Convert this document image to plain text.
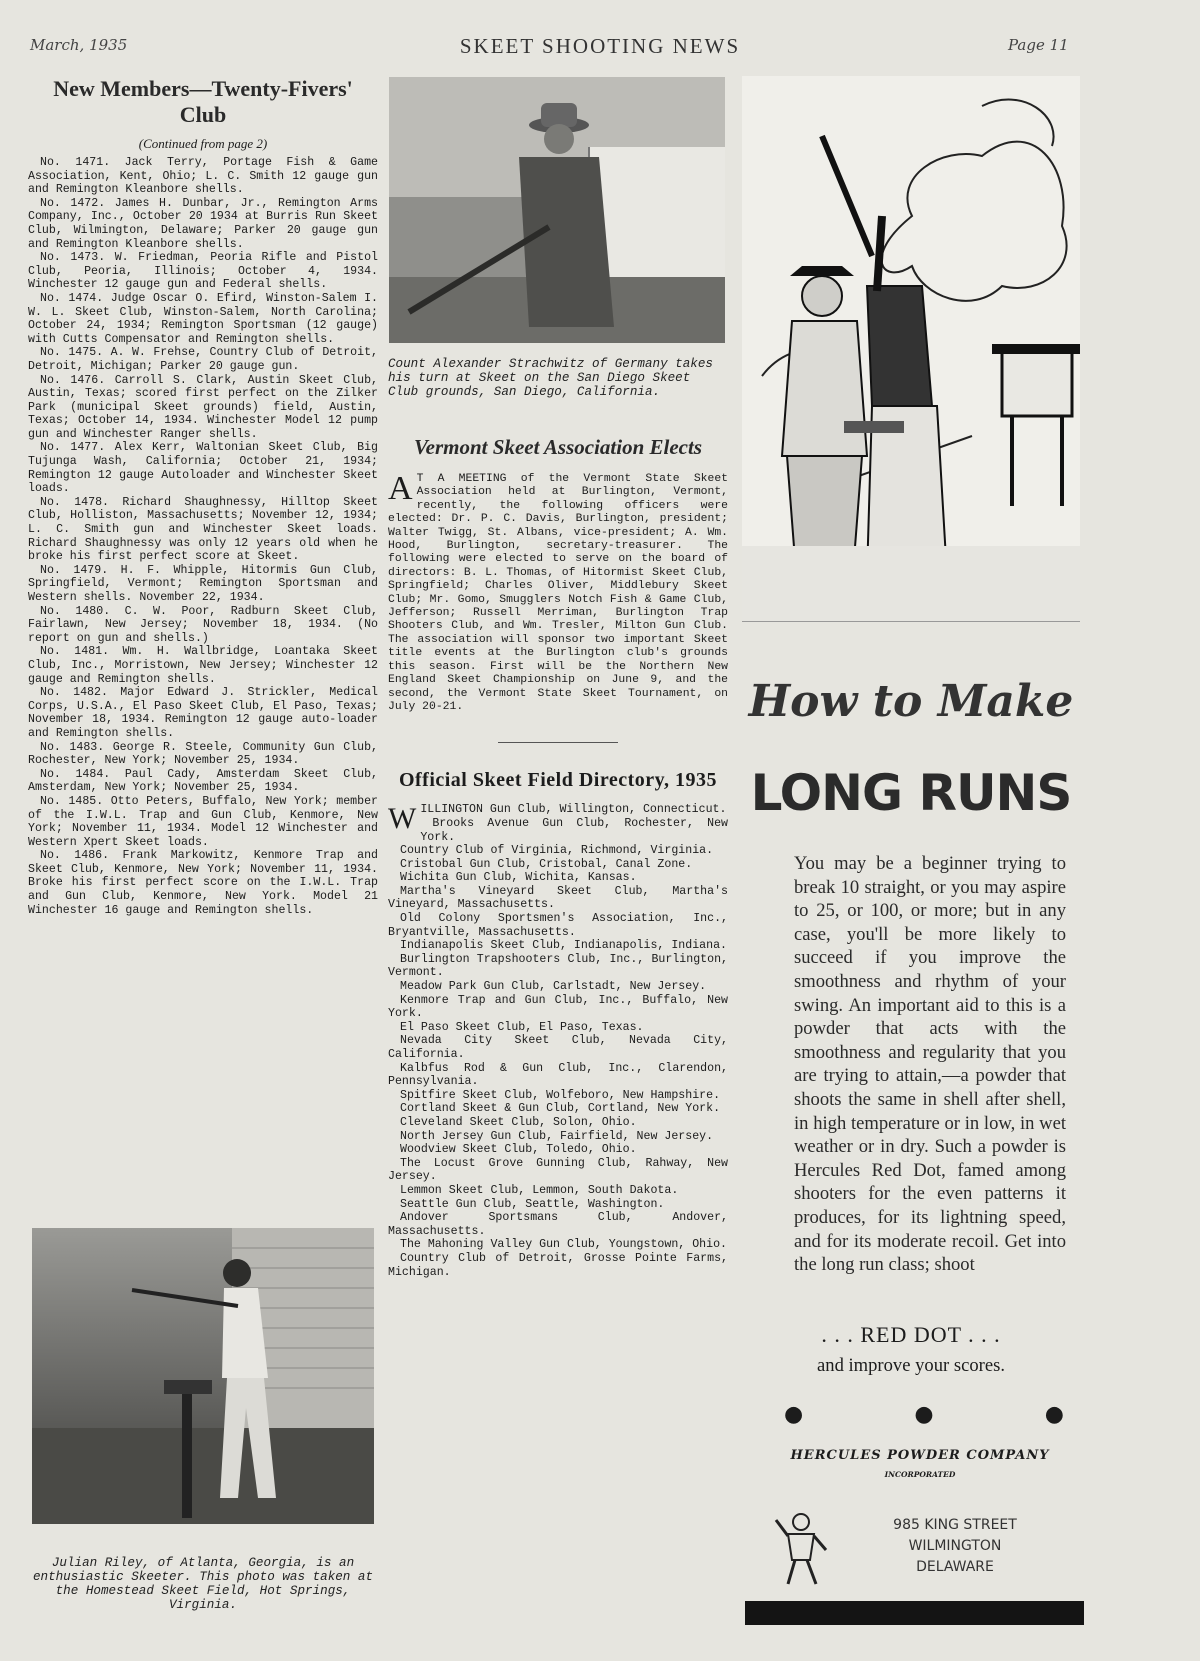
March, 1935	SKEET SHOOTING NEWS	Page 11
New Members—Twenty-Fivers' Club
(Continued from page 2)

No. 1471. Jack Terry, Portage Fish & Game Association, Kent, Ohio; L. C. Smith 12 gauge gun and Remington Kleanbore shells.

No. 1472. James H. Dunbar, Jr., Remington Arms Company, Inc., October 20 1934 at Burris Run Skeet Club, Wilmington, Delaware; Parker 20 gauge gun and Remington Kleanbore shells.

No. 1473. W. Friedman, Peoria Rifle and Pistol Club, Peoria, Illinois; October 4, 1934. Winchester 12 gauge gun and Federal shells.

No. 1474. Judge Oscar O. Efird, Winston-Salem I. W. L. Skeet Club, Winston-Salem, North Carolina; October 24, 1934; Remington Sportsman (12 gauge) with Cutts Compensator and Remington shells.

No. 1475. A. W. Frehse, Country Club of Detroit, Detroit, Michigan; Parker 20 gauge gun.

No. 1476. Carroll S. Clark, Austin Skeet Club, Austin, Texas; scored first perfect on the Zilker Park (municipal Skeet grounds) field, Austin, Texas; October 14, 1934. Winchester Model 12 pump gun and Winchester Ranger shells.

No. 1477. Alex Kerr, Waltonian Skeet Club, Big Tujunga Wash, California; October 21, 1934; Remington 12 gauge Autoloader and Winchester Skeet loads.

No. 1478. Richard Shaughnessy, Hilltop Skeet Club, Holliston, Massachusetts; November 12, 1934; L. C. Smith gun and Winchester Skeet loads. Richard Shaughnessy was only 12 years old when he broke his first perfect score at Skeet.

No. 1479. H. F. Whipple, Hitormis Gun Club, Springfield, Vermont; Remington Sportsman and Western shells. November 22, 1934.

No. 1480. C. W. Poor, Radburn Skeet Club, Fairlawn, New Jersey; November 18, 1934. (No report on gun and shells.)

No. 1481. Wm. H. Wallbridge, Loantaka Skeet Club, Inc., Morristown, New Jersey; Winchester 12 gauge and Remington shells.

No. 1482. Major Edward J. Strickler, Medical Corps, U.S.A., El Paso Skeet Club, El Paso, Texas; November 18, 1934. Remington 12 gauge auto-loader and Remington shells.

No. 1483. George R. Steele, Community Gun Club, Rochester, New York; November 25, 1934.

No. 1484. Paul Cady, Amsterdam Skeet Club, Amsterdam, New York; November 25, 1934.

No. 1485. Otto Peters, Buffalo, New York; member of the I.W.L. Trap and Gun Club, Kenmore, New York; November 11, 1934. Model 12 Winchester and Western Xpert Skeet loads.

No. 1486. Frank Markowitz, Kenmore Trap and Skeet Club, Kenmore, New York; November 11, 1934. Broke his first perfect score on the I.W.L. Trap and Gun Club, Kenmore, New York. Model 21 Winchester 16 gauge and Remington shells.

Julian Riley, of Atlanta, Georgia, is an enthusiastic Skeeter. This photo was taken at the Homestead Skeet Field, Hot Springs, Virginia.
Count Alexander Strachwitz of Germany takes his turn at Skeet on the San Diego Skeet Club grounds, San Diego, California.
Vermont Skeet Association Elects
A T A MEETING of the Vermont State Skeet Association held at Burlington, Vermont, recently, the following officers were elected: Dr. P. C. Davis, Burlington, president; Walter Twigg, St. Albans, vice-president; A. Wm. Hood, Burlington, secretary-treasurer. The following were elected to serve on the board of directors: B. L. Thomas, of Hitormist Skeet Club, Springfield; Charles Oliver, Middlebury Skeet Club; Mr. Gomo, Smugglers Notch Fish & Game Club, Jefferson; Russell Merriman, Burlington Trap Shooters Club, and Wm. Tresler, Milton Gun Club. The association will sponsor two important Skeet title events at the Burlington club's grounds this season. First will be the Northern New England Skeet Championship on June 9, and the second, the Vermont State Skeet Tournament, on July 20-21.
Official Skeet Field Directory, 1935

WILLINGTON Gun Club, Willington, Connecticut.

Brooks Avenue Gun Club, Rochester, New York.

Country Club of Virginia, Richmond, Virginia.

Cristobal Gun Club, Cristobal, Canal Zone.

Wichita Gun Club, Wichita, Kansas.

Martha's Vineyard Skeet Club, Martha's Vineyard, Massachusetts.

Old Colony Sportsmen's Association, Inc., Bryantville, Massachusetts.

Indianapolis Skeet Club, Indianapolis, Indiana.

Burlington Trapshooters Club, Inc., Burlington, Vermont.

Meadow Park Gun Club, Carlstadt, New Jersey.

Kenmore Trap and Gun Club, Inc., Buffalo, New York.

El Paso Skeet Club, El Paso, Texas.

Nevada City Skeet Club, Nevada City, California.

Kalbfus Rod & Gun Club, Inc., Clarendon, Pennsylvania.

Spitfire Skeet Club, Wolfeboro, New Hampshire.

Cortland Skeet & Gun Club, Cortland, New York.

Cleveland Skeet Club, Solon, Ohio.

North Jersey Gun Club, Fairfield, New Jersey.

Woodview Skeet Club, Toledo, Ohio.

The Locust Grove Gunning Club, Rahway, New Jersey.

Lemmon Skeet Club, Lemmon, South Dakota.

Seattle Gun Club, Seattle, Washington.

Andover Sportsmans Club, Andover, Massachusetts.

The Mahoning Valley Gun Club, Youngstown, Ohio.

Country Club of Detroit, Grosse Pointe Farms, Michigan.

How to Make
LONG RUNS
You may be a beginner trying to break 10 straight, or you may aspire to 25, or 100, or more; but in any case, you'll be more likely to succeed if you improve the smoothness and rhythm of your swing. An important aid to this is a powder that acts with the smoothness and regularity that you are trying to attain,—a powder that shoots the same in shell after shell, in high temperature or in low, in wet weather or in dry. Such a powder is Hercules Red Dot, famed among shooters for the even patterns it produces, for its lightning speed, and for its moderate recoil. Get into the long run class; shoot
. . . RED DOT . . .
and improve your scores.
●	●	●
HERCULES POWDER COMPANY
INCORPORATED
985 KING STREET
WILMINGTON
DELAWARE
